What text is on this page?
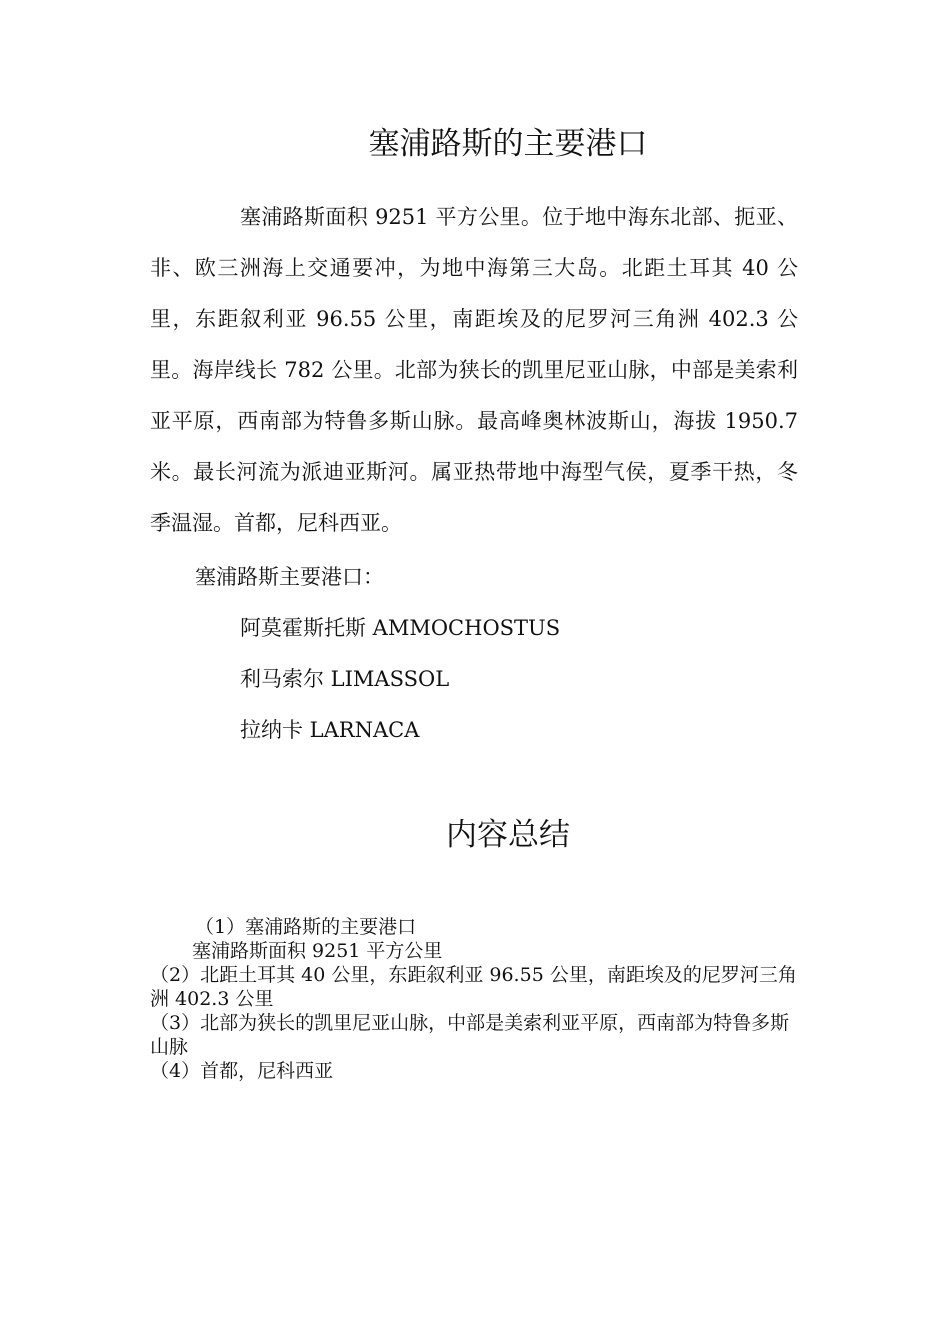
塞浦路斯的主要港口

塞浦路斯面积 9251 平方公里。位于地中海东北部、扼亚、非、欧三洲海上交通要冲，为地中海第三大岛。北距土耳其 40 公里，东距叙利亚 96.55 公里，南距埃及的尼罗河三角洲 402.3 公里。海岸线长 782 公里。北部为狭长的凯里尼亚山脉，中部是美索利亚平原，西南部为特鲁多斯山脉。最高峰奥林波斯山，海拔 1950.7 米。最长河流为派迪亚斯河。属亚热带地中海型气侯，夏季干热，冬季温湿。首都，尼科西亚。

塞浦路斯主要港口：

阿莫霍斯托斯 AMMOCHOSTUS
利马索尔 LIMASSOL
拉纳卡 LARNACA
内容总结

（1）塞浦路斯的主要港口

塞浦路斯面积 9251 平方公里

（2）北距土耳其 40 公里，东距叙利亚 96.55 公里，南距埃及的尼罗河三角洲 402.3 公里

（3）北部为狭长的凯里尼亚山脉，中部是美索利亚平原，西南部为特鲁多斯山脉

（4）首都，尼科西亚
